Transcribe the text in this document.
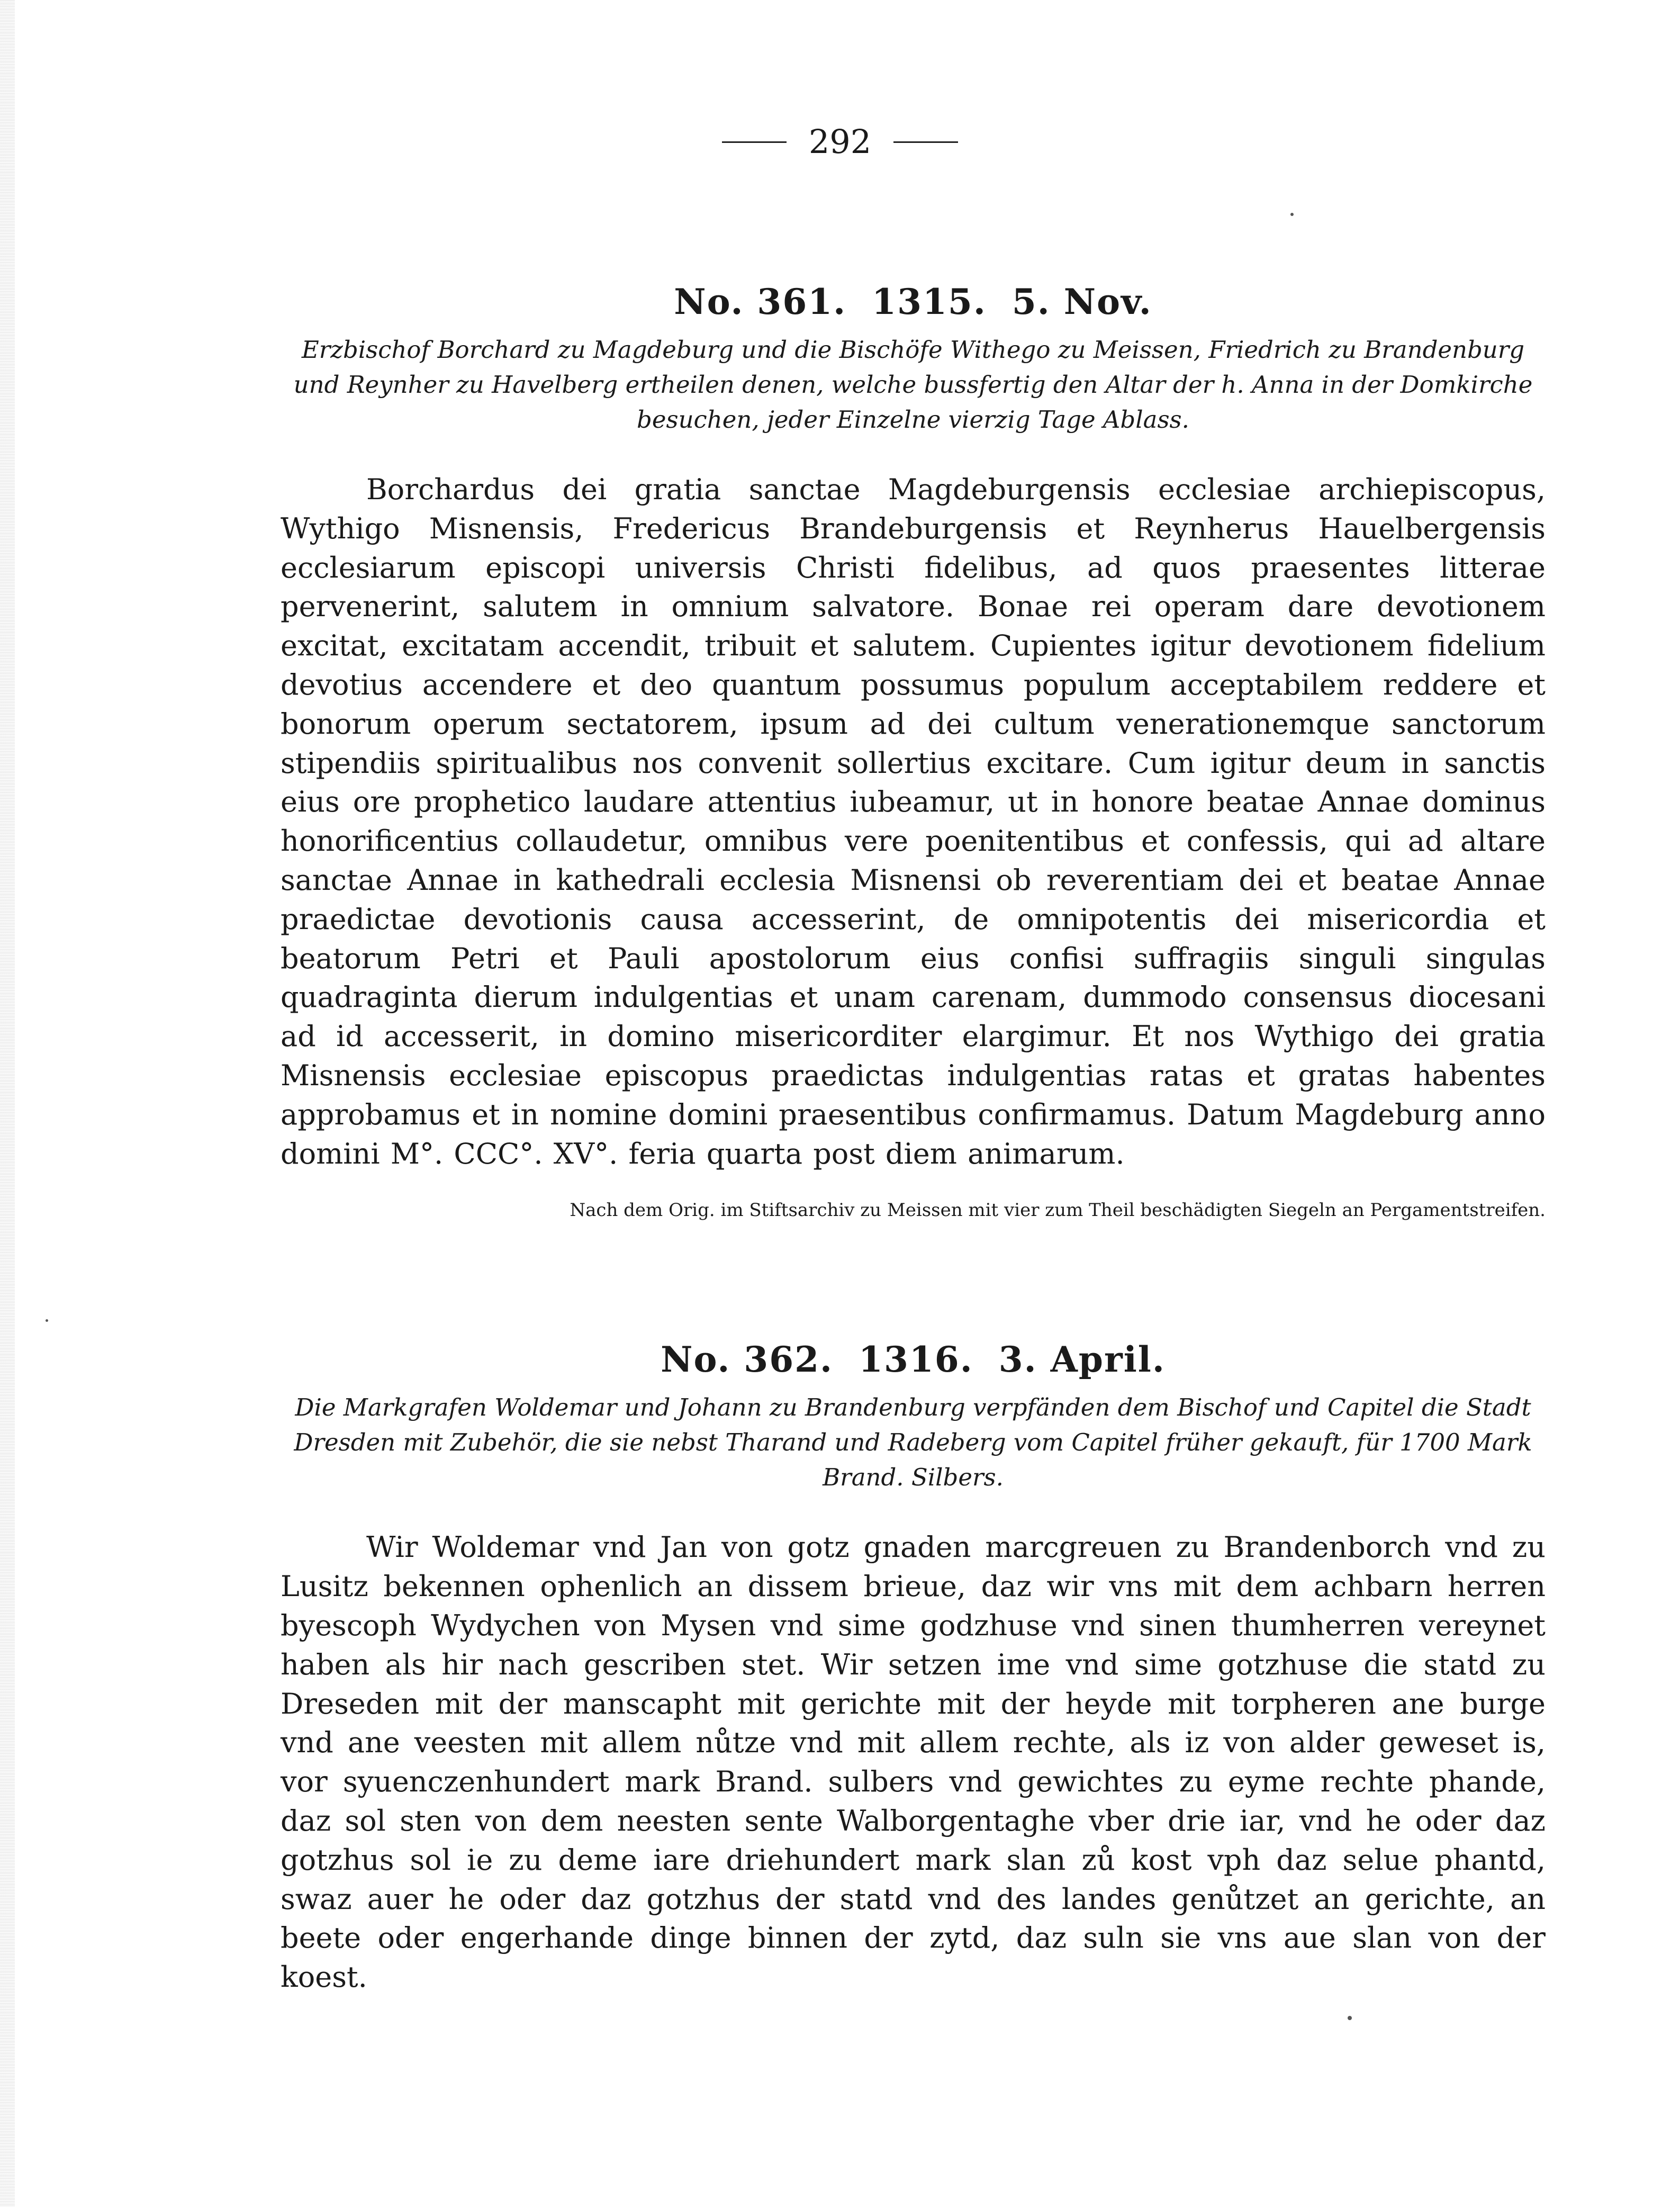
292
No. 361. 1315. 5. Nov.

Erzbischof Borchard zu Magdeburg und die Bischöfe Withego zu Meissen, Friedrich zu Brandenburg und Reynher zu Havelberg ertheilen denen, welche bussfertig den Altar der h. Anna in der Domkirche besuchen, jeder Einzelne vierzig Tage Ablass.

Borchardus dei gratia sanctae Magdeburgensis ecclesiae archiepiscopus, Wythigo Misnensis, Fredericus Brandeburgensis et Reynherus Hauelbergensis ecclesiarum episcopi universis Christi fidelibus, ad quos praesentes litterae pervenerint, salutem in omnium salvatore. Bonae rei operam dare devotionem excitat, excitatam accendit, tribuit et salutem. Cupientes igitur devotionem fidelium devotius accendere et deo quantum possumus populum acceptabilem reddere et bonorum operum sectatorem, ipsum ad dei cultum venerationemque sanctorum stipendiis spiritualibus nos convenit sollertius excitare. Cum igitur deum in sanctis eius ore prophetico laudare attentius iubeamur, ut in honore beatae Annae dominus honorificentius collaudetur, omnibus vere poenitentibus et confessis, qui ad altare sanctae Annae in kathedrali ecclesia Misnensi ob reverentiam dei et beatae Annae praedictae devotionis causa accesserint, de omnipotentis dei misericordia et beatorum Petri et Pauli apostolorum eius confisi suffragiis singuli singulas quadraginta dierum indulgentias et unam carenam, dummodo consensus diocesani ad id accesserit, in domino misericorditer elargimur. Et nos Wythigo dei gratia Misnensis ecclesiae episcopus praedictas indulgentias ratas et gratas habentes approbamus et in nomine domini praesentibus confirmamus. Datum Magdeburg anno domini M°. CCC°. XV°. feria quarta post diem animarum.

Nach dem Orig. im Stiftsarchiv zu Meissen mit vier zum Theil beschädigten Siegeln an Pergamentstreifen.

No. 362. 1316. 3. April.

Die Markgrafen Woldemar und Johann zu Brandenburg verpfänden dem Bischof und Capitel die Stadt Dresden mit Zubehör, die sie nebst Tharand und Radeberg vom Capitel früher gekauft, für 1700 Mark Brand. Silbers.

Wir Woldemar vnd Jan von gotz gnaden marcgreuen zu Brandenborch vnd zu Lusitz bekennen ophenlich an dissem brieue, daz wir vns mit dem achbarn herren byescoph Wydychen von Mysen vnd sime godzhuse vnd sinen thumherren vereynet haben als hir nach gescriben stet. Wir setzen ime vnd sime gotzhuse die statd zu Dreseden mit der manscapht mit gerichte mit der heyde mit torpheren ane burge vnd ane veesten mit allem nůtze vnd mit allem rechte, als iz von alder geweset is, vor syuenczenhundert mark Brand. sulbers vnd gewichtes zu eyme rechte phande, daz sol sten von dem neesten sente Walborgentaghe vber drie iar, vnd he oder daz gotzhus sol ie zu deme iare driehundert mark slan zů kost vph daz selue phantd, swaz auer he oder daz gotzhus der statd vnd des landes genůtzet an gerichte, an beete oder engerhande dinge binnen der zytd, daz suln sie vns aue slan von der koest.
